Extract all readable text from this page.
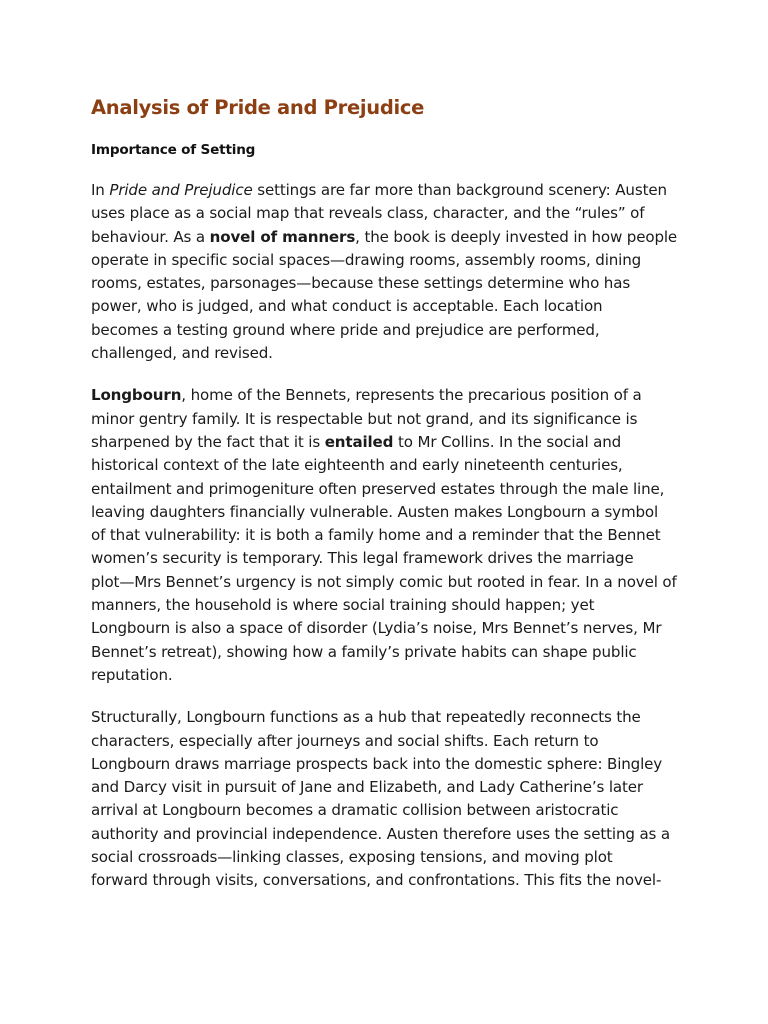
Analysis of Pride and Prejudice
Importance of Setting

In Pride and Prejudice settings are far more than background scenery: Austen
uses place as a social map that reveals class, character, and the “rules” of
behaviour. As a novel of manners, the book is deeply invested in how people
operate in specific social spaces—drawing rooms, assembly rooms, dining
rooms, estates, parsonages—because these settings determine who has
power, who is judged, and what conduct is acceptable. Each location
becomes a testing ground where pride and prejudice are performed,
challenged, and revised.

Longbourn, home of the Bennets, represents the precarious position of a
minor gentry family. It is respectable but not grand, and its significance is
sharpened by the fact that it is entailed to Mr Collins. In the social and
historical context of the late eighteenth and early nineteenth centuries,
entailment and primogeniture often preserved estates through the male line,
leaving daughters financially vulnerable. Austen makes Longbourn a symbol
of that vulnerability: it is both a family home and a reminder that the Bennet
women’s security is temporary. This legal framework drives the marriage
plot—Mrs Bennet’s urgency is not simply comic but rooted in fear. In a novel of
manners, the household is where social training should happen; yet
Longbourn is also a space of disorder (Lydia’s noise, Mrs Bennet’s nerves, Mr
Bennet’s retreat), showing how a family’s private habits can shape public
reputation.

Structurally, Longbourn functions as a hub that repeatedly reconnects the
characters, especially after journeys and social shifts. Each return to
Longbourn draws marriage prospects back into the domestic sphere: Bingley
and Darcy visit in pursuit of Jane and Elizabeth, and Lady Catherine’s later
arrival at Longbourn becomes a dramatic collision between aristocratic
authority and provincial independence. Austen therefore uses the setting as a
social crossroads—linking classes, exposing tensions, and moving plot
forward through visits, conversations, and confrontations. This fits the novel-
